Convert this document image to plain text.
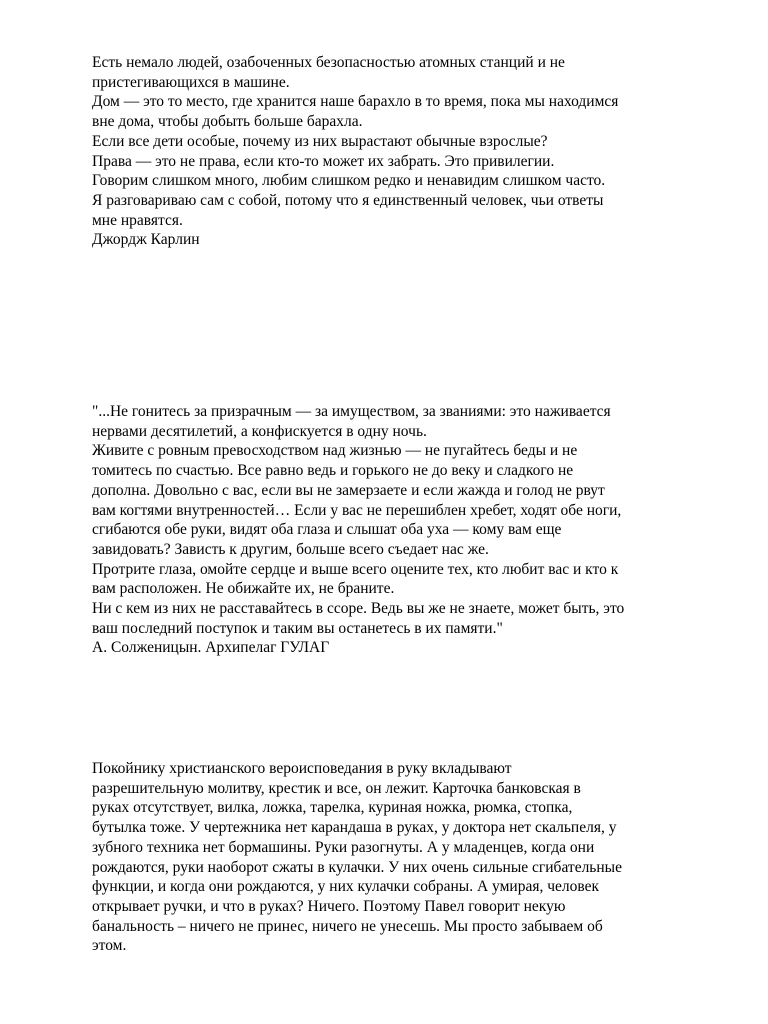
Есть немало людей, озабоченных безопасностью атомных станций и не
пристегивающихся в машине.
Дом — это то место, где хранится наше барахло в то время, пока мы находимся
вне дома, чтобы добыть больше барахла.
Если все дети особые, почему из них вырастают обычные взрослые?
Права — это не права, если кто-то может их забрать. Это привилегии.
Говорим слишком много, любим слишком редко и ненавидим слишком часто.
Я разговариваю сам с собой, потому что я единственный человек, чьи ответы
мне нравятся.
Джордж Карлин
"...Не гонитесь за призрачным — за имуществом, за званиями: это наживается
нервами десятилетий, а конфискуется в одну ночь.
Живите с ровным превосходством над жизнью — не пугайтесь беды и не
томитесь по счастью. Все равно ведь и горького не до веку и сладкого не
дополна. Довольно с вас, если вы не замерзаете и если жажда и голод не рвут
вам когтями внутренностей… Если у вас не перешиблен хребет, ходят обе ноги,
сгибаются обе руки, видят оба глаза и слышат оба уха — кому вам еще
завидовать? Зависть к другим, больше всего съедает нас же.
Протрите глаза, омойте сердце и выше всего оцените тех, кто любит вас и кто к
вам расположен. Не обижайте их, не браните.
Ни с кем из них не расставайтесь в ссоре. Ведь вы же не знаете, может быть, это
ваш последний поступок и таким вы останетесь в их памяти."
А. Солженицын. Архипелаг ГУЛАГ
Покойнику христианского вероисповедания в руку вкладывают
разрешительную молитву, крестик и все, он лежит. Карточка банковская в
руках отсутствует, вилка, ложка, тарелка, куриная ножка, рюмка, стопка,
бутылка тоже. У чертежника нет карандаша в руках, у доктора нет скальпеля, у
зубного техника нет бормашины. Руки разогнуты. А у младенцев, когда они
рождаются, руки наоборот сжаты в кулачки. У них очень сильные сгибательные
функции, и когда они рождаются, у них кулачки собраны. А умирая, человек
открывает ручки, и что в руках? Ничего. Поэтому Павел говорит некую
банальность – ничего не принес, ничего не унесешь. Мы просто забываем об
этом.
